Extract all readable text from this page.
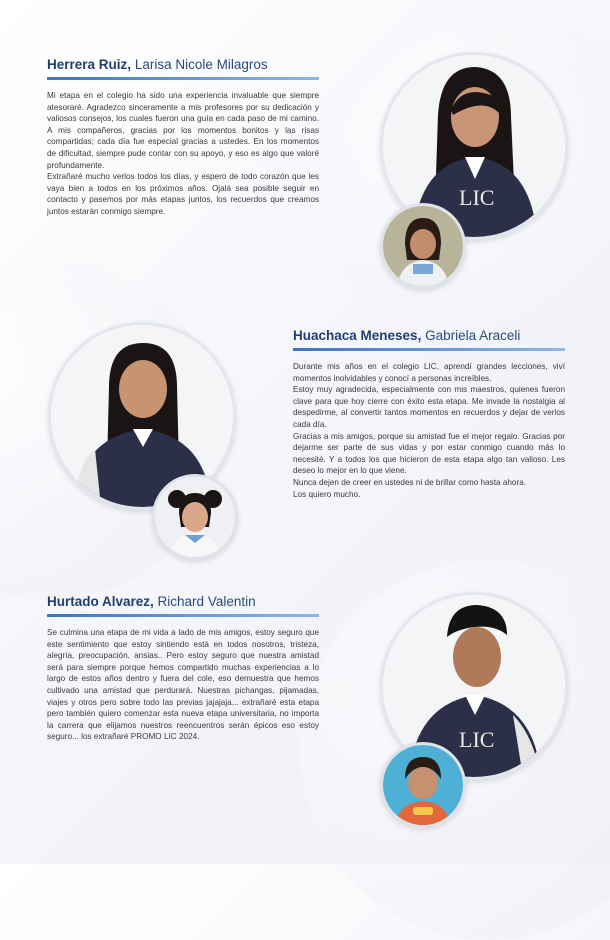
Herrera Ruiz, Larisa Nicole Milagros

Mi etapa en el colegio ha sido una experiencia invaluable que siempre atesoraré. Agradezco sinceramente a mis profesores por su dedicación y valiosos consejos, los cuales fueron una guía en cada paso de mi camino. A mis compañeros, gracias por los momentos bonitos y las risas compartidas; cada día fue especial gracias a ustedes. En los momentos de dificultad, siempre pude contar con su apoyo, y eso es algo que valoré profundamente.

Extrañaré mucho verlos todos los días, y espero de todo corazón que les vaya bien a todos en los próximos años. Ojalá sea posible seguir en contacto y pasemos por más etapas juntos, los recuerdos que creamos juntos estarán conmigo siempre.

LIC
Huachaca Meneses, Gabriela Araceli

Durante mis años en el colegio LIC, aprendí grandes lecciones, viví momentos inolvidables y conocí a personas increíbles.

Estoy muy agradecida, especialmente con mis maestros, quienes fueron clave para que hoy cierre con éxito esta etapa. Me invade la nostalgia al despedirme, al convertir tantos momentos en recuerdos y dejar de verlos cada día.

Gracias a mis amigos, porque su amistad fue el mejor regalo. Gracias por dejarme ser parte de sus vidas y por estar conmigo cuando más lo necesité. Y a todos los que hicieron de esta etapa algo tan valioso. Les deseo lo mejor en lo que viene.

Nunca dejen de creer en ustedes ni de brillar como hasta ahora.

Los quiero mucho.

Hurtado Alvarez, Richard Valentin

Se culmina una etapa de mi vida a lado de mis amigos, estoy seguro que este sentimiento que estoy sintiendo está en todos nosotros, tristeza, alegría, preocupación, ansias.. Pero estoy seguro que nuestra amistad será para siempre porque hemos compartido muchas experiencias a lo largo de estos años dentro y fuera del cole, eso demuestra que hemos cultivado una amistad que perdurará. Nuestras pichangas, pijamadas, viajes y otros pero sobre todo las previas jajajaja... extrañaré esta etapa pero también quiero comenzar esta nueva etapa universitaria, no importa la carrera que elijamos nuestros reencuentros serán épicos eso estoy seguro... los extrañaré PROMO LIC 2024.	LIC
